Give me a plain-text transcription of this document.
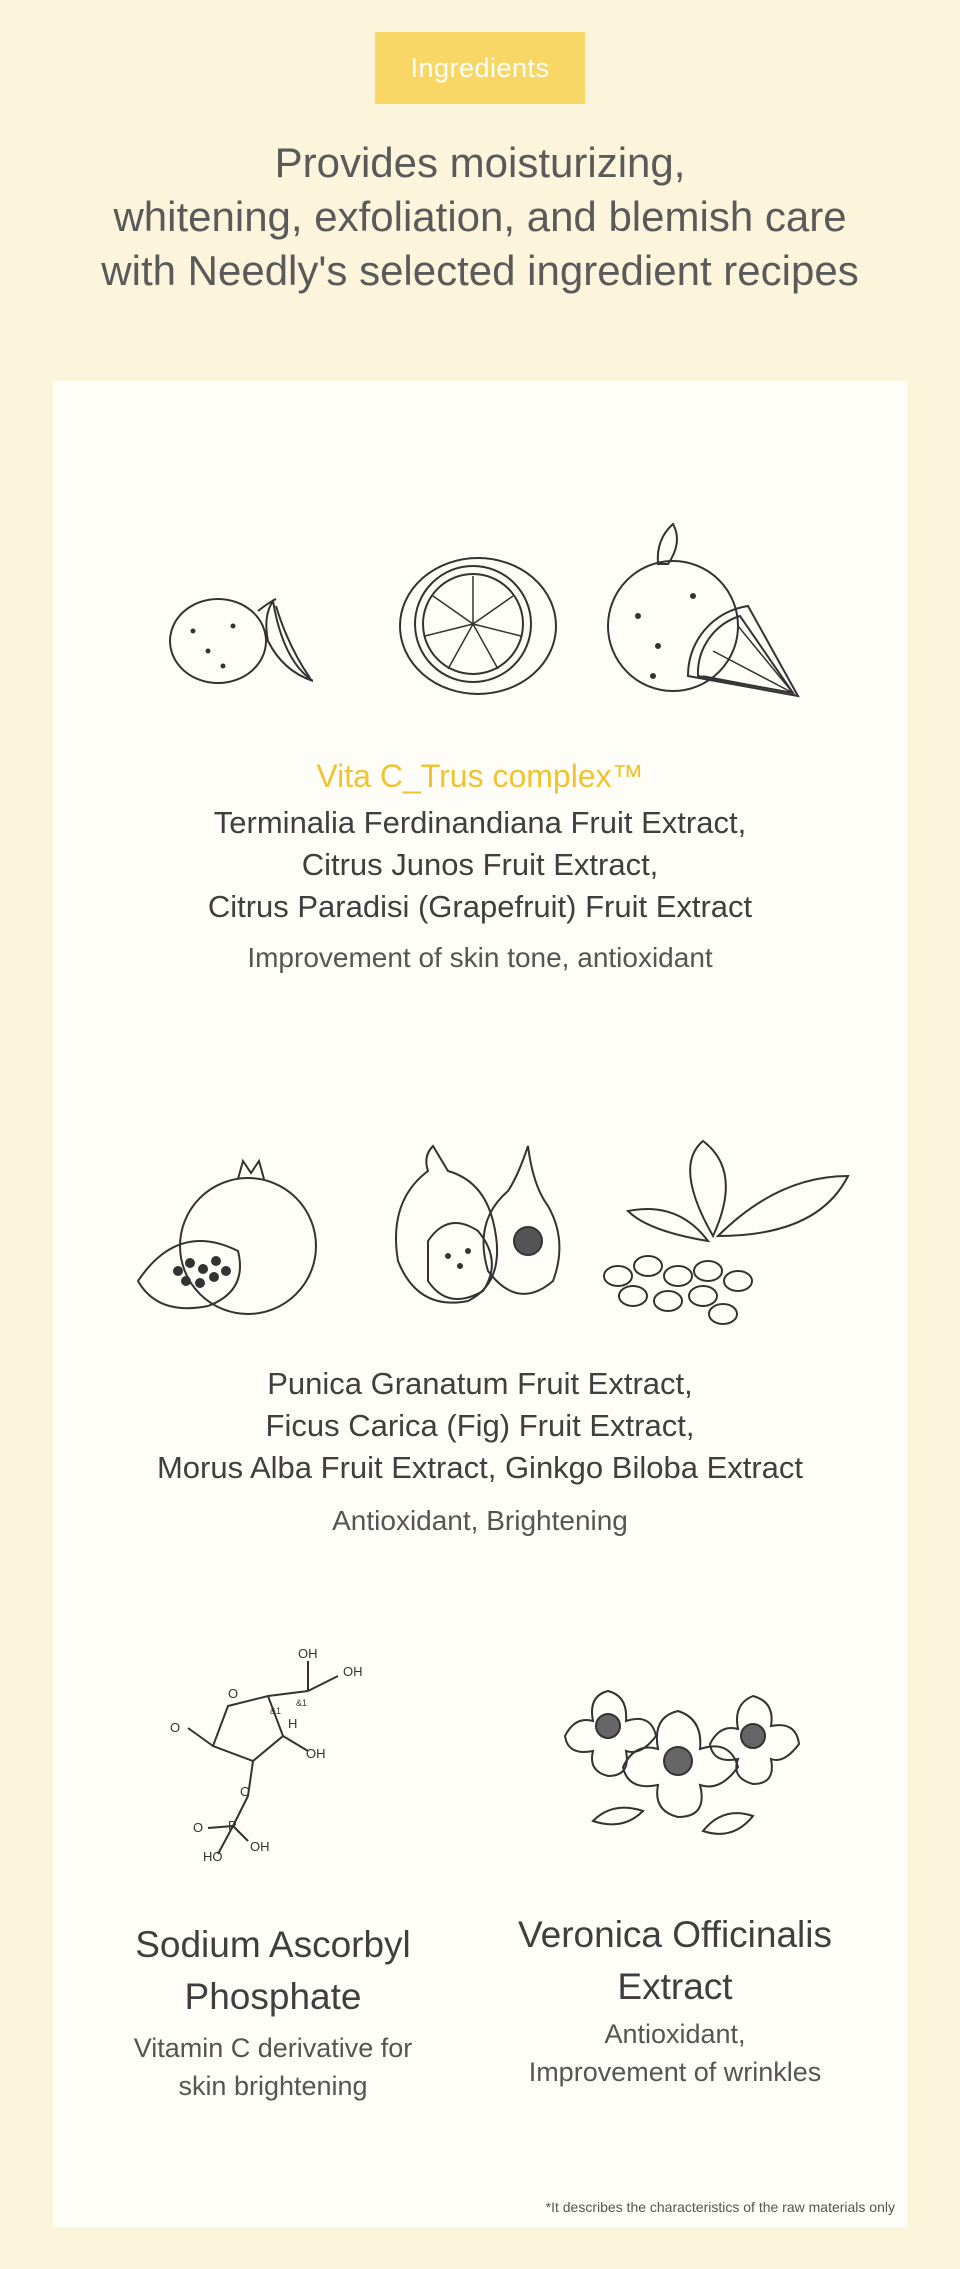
Ingredients
Provides moisturizing,
whitening, exfoliation, and blemish care
with Needly's selected ingredient recipes
Vita C_Trus complex™
Terminalia Ferdinandiana Fruit Extract,
Citrus Junos Fruit Extract,
Citrus Paradisi (Grapefruit) Fruit Extract
Improvement of skin tone, antioxidant
Punica Granatum Fruit Extract,
Ficus Carica (Fig) Fruit Extract,
Morus Alba Fruit Extract, Ginkgo Biloba Extract
Antioxidant, Brightening
OH
OH
O
&1
&1
O	H
O
OH
O P
OH
HO
Sodium Ascorbyl
Phosphate
Vitamin C derivative for
skin brightening
Veronica Officinalis
Extract
Antioxidant,
Improvement of wrinkles
*It describes the characteristics of the raw materials only
